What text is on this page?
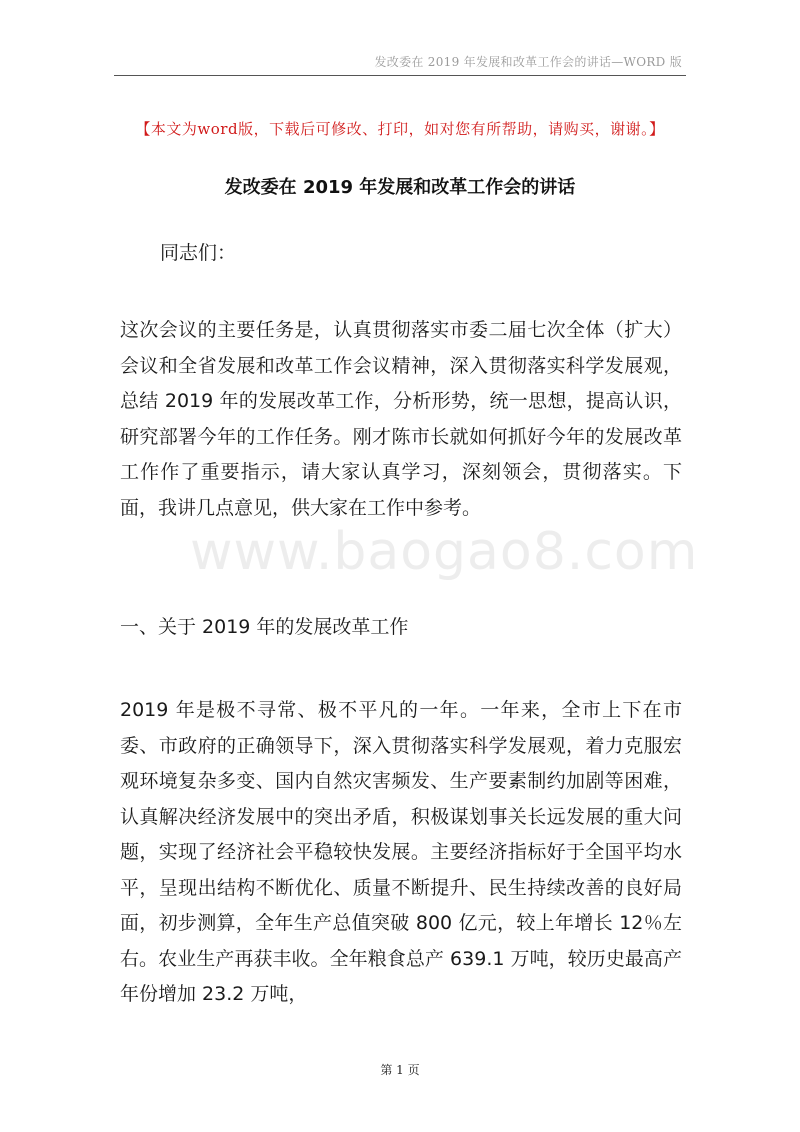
发改委在 2019 年发展和改革工作会的讲话—WORD 版
www.baogao8.com
【本文为word版，下载后可修改、打印，如对您有所帮助，请购买，谢谢。】
发改委在 2019 年发展和改革工作会的讲话
同志们：
这次会议的主要任务是，认真贯彻落实市委二届七次全体（扩大）会议和全省发展和改革工作会议精神，深入贯彻落实科学发展观，总结 2019 年的发展改革工作，分析形势，统一思想，提高认识，研究部署今年的工作任务。刚才陈市长就如何抓好今年的发展改革工作作了重要指示，请大家认真学习，深刻领会，贯彻落实。下面，我讲几点意见，供大家在工作中参考。
一、关于 2019 年的发展改革工作
2019 年是极不寻常、极不平凡的一年。一年来，全市上下在市委、市政府的正确领导下，深入贯彻落实科学发展观，着力克服宏观环境复杂多变、国内自然灾害频发、生产要素制约加剧等困难，认真解决经济发展中的突出矛盾，积极谋划事关长远发展的重大问题，实现了经济社会平稳较快发展。主要经济指标好于全国平均水平，呈现出结构不断优化、质量不断提升、民生持续改善的良好局面，初步测算，全年生产总值突破 800 亿元，较上年增长 12％左右。农业生产再获丰收。全年粮食总产 639.1 万吨，较历史最高产年份增加 23.2 万吨，
第 1 页
